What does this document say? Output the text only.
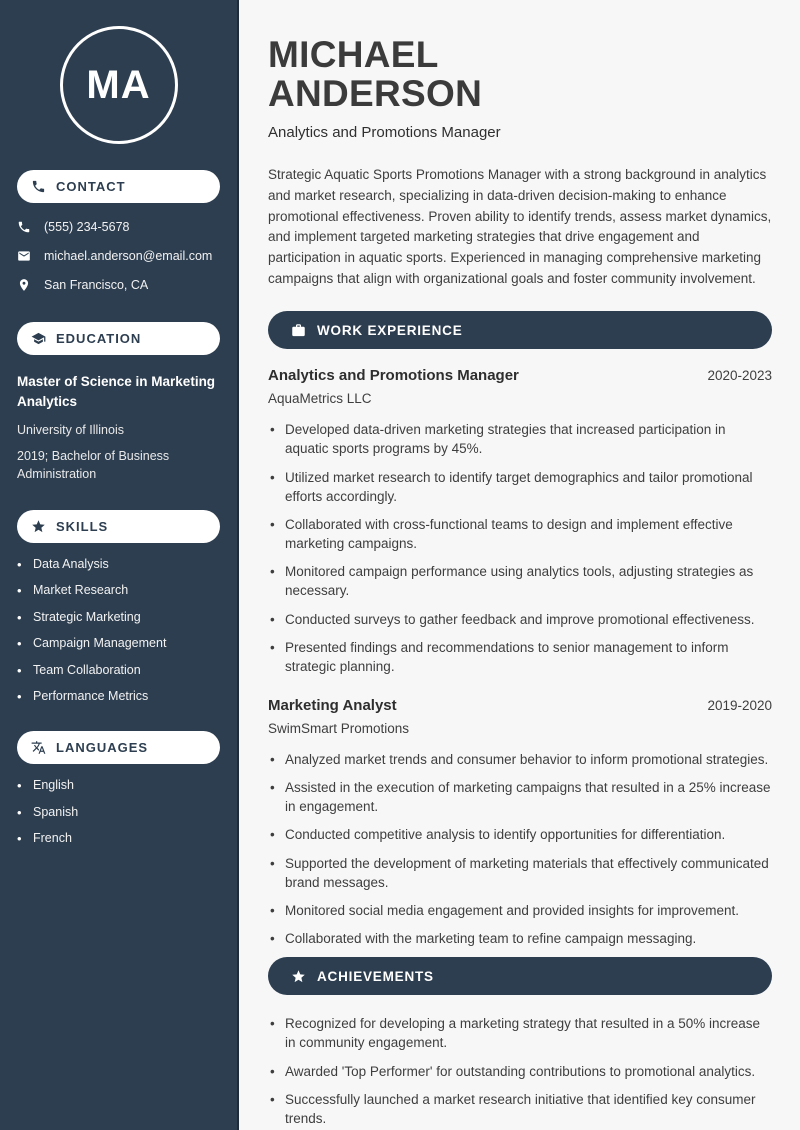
MA
CONTACT
(555) 234-5678
michael.anderson@email.com
San Francisco, CA
EDUCATION
Master of Science in Marketing Analytics
University of Illinois
2019; Bachelor of Business Administration
SKILLS
• Data Analysis
• Market Research
• Strategic Marketing
• Campaign Management
• Team Collaboration
• Performance Metrics
LANGUAGES
• English
• Spanish
• French
MICHAEL
ANDERSON
Analytics and Promotions Manager

Strategic Aquatic Sports Promotions Manager with a strong background in analytics and market research, specializing in data-driven decision-making to enhance promotional effectiveness. Proven ability to identify trends, assess market dynamics, and implement targeted marketing strategies that drive engagement and participation in aquatic sports. Experienced in managing comprehensive marketing campaigns that align with organizational goals and foster community involvement.

WORK EXPERIENCE
Analytics and Promotions Manager	2020-2023
AquaMetrics LLC
• Developed data-driven marketing strategies that increased participation in aquatic sports programs by 45%.
• Utilized market research to identify target demographics and tailor promotional efforts accordingly.
• Collaborated with cross-functional teams to design and implement effective marketing campaigns.
• Monitored campaign performance using analytics tools, adjusting strategies as necessary.
• Conducted surveys to gather feedback and improve promotional effectiveness.
• Presented findings and recommendations to senior management to inform strategic planning.
Marketing Analyst	2019-2020
SwimSmart Promotions
• Analyzed market trends and consumer behavior to inform promotional strategies.
• Assisted in the execution of marketing campaigns that resulted in a 25% increase in engagement.
• Conducted competitive analysis to identify opportunities for differentiation.
• Supported the development of marketing materials that effectively communicated brand messages.
• Monitored social media engagement and provided insights for improvement.
• Collaborated with the marketing team to refine campaign messaging.
ACHIEVEMENTS
• Recognized for developing a marketing strategy that resulted in a 50% increase in community engagement.
• Awarded 'Top Performer' for outstanding contributions to promotional analytics.
• Successfully launched a market research initiative that identified key consumer trends.
